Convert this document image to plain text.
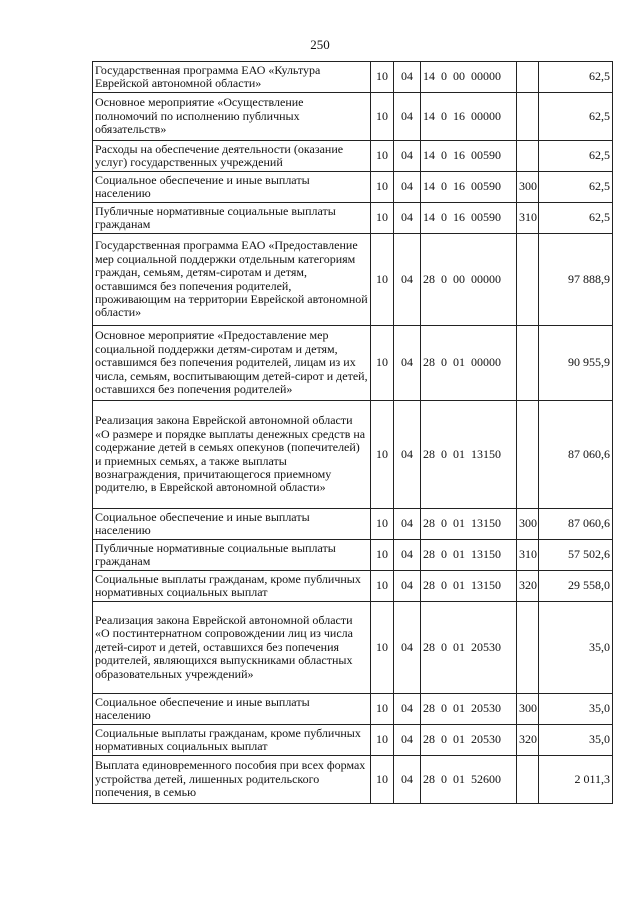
250
Государственная программа ЕАО «Культура Еврейской автономной области»	10	04	14  0  00  00000		62,5
Основное мероприятие «Осуществление полномочий по исполнению публичных обязательств»	10	04	14  0  16  00000		62,5
Расходы на обеспечение деятельности (оказание услуг) государственных учреждений	10	04	14  0  16  00590		62,5
Социальное обеспечение и иные выплаты населению	10	04	14  0  16  00590	300	62,5
Публичные нормативные социальные выплаты гражданам	10	04	14  0  16  00590	310	62,5
Государственная программа ЕАО «Предоставление мер социальной поддержки отдельным категориям граждан, семьям, детям-сиротам и детям, оставшимся без попечения родителей, проживающим на территории Еврейской автономной области»	10	04	28  0  00  00000		97 888,9
Основное мероприятие «Предоставление мер социальной поддержки детям-сиротам и детям, оставшимся без попечения родителей, лицам из их числа, семьям, воспитывающим детей-сирот и детей, оставшихся без попечения родителей»	10	04	28  0  01  00000		90 955,9
Реализация закона Еврейской автономной области «О размере и порядке выплаты денежных средств на содержание детей в семьях опекунов (попечителей) и приемных семьях, а также выплаты вознаграждения, причитающегося приемному родителю, в Еврейской автономной области»	10	04	28  0  01  13150		87 060,6
Социальное обеспечение и иные выплаты населению	10	04	28  0  01  13150	300	87 060,6
Публичные нормативные социальные выплаты гражданам	10	04	28  0  01  13150	310	57 502,6
Социальные выплаты гражданам, кроме публичных нормативных социальных выплат	10	04	28  0  01  13150	320	29 558,0
Реализация закона Еврейской автономной области «О постинтернатном сопровождении лиц из числа детей-сирот и детей, оставшихся без попечения родителей, являющихся выпускниками областных образовательных учреждений»	10	04	28  0  01  20530		35,0
Социальное обеспечение и иные выплаты населению	10	04	28  0  01  20530	300	35,0
Социальные выплаты гражданам, кроме публичных нормативных социальных выплат	10	04	28  0  01  20530	320	35,0
Выплата единовременного пособия при всех формах устройства детей, лишенных родительского попечения, в семью	10	04	28  0  01  52600		2 011,3
